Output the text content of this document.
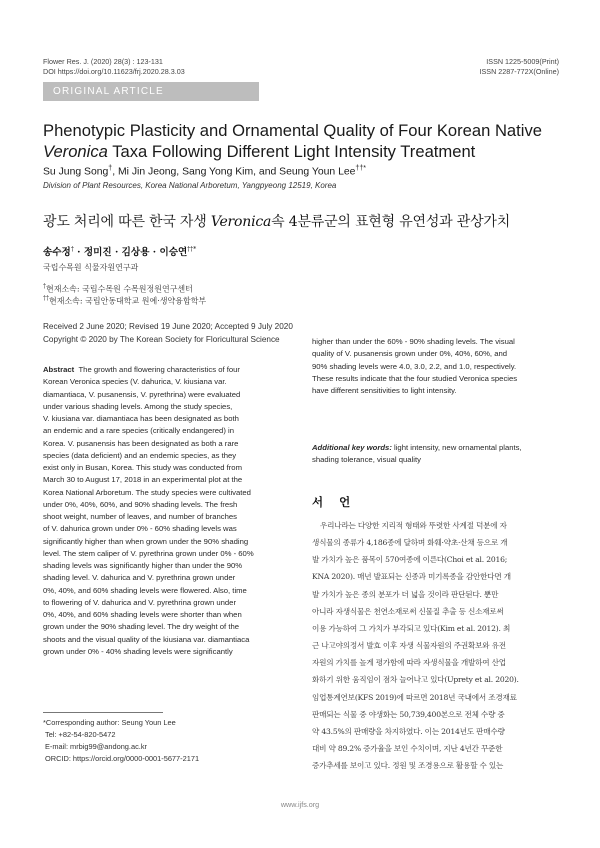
Flower Res. J. (2020) 28(3) : 123-131
DOI https://doi.org/10.11623/frj.2020.28.3.03
ISSN 1225-5009(Print)
ISSN 2287-772X(Online)
ORIGINAL ARTICLE
Phenotypic Plasticity and Ornamental Quality of Four Korean Native
Veronica Taxa Following Different Light Intensity Treatment
Su Jung Song†, Mi Jin Jeong, Sang Yong Kim, and Seung Youn Lee††*
Division of Plant Resources, Korea National Arboretum, Yangpyeong 12519, Korea
광도 처리에 따른 한국 자생 Veronica속 4분류군의 표현형 유연성과 관상가치
송수정† · 정미진 · 김상용 · 이승연††*
국립수목원 식물자원연구과
†현재소속: 국립수목원 수목원정원연구센터
††현재소속: 국립안동대학교 원예·생약융합학부
Received 2 June 2020; Revised 19 June 2020; Accepted 9 July 2020
Copyright © 2020 by The Korean Society for Floricultural Science

Abstract The growth and flowering characteristics of four

Korean Veronica species (V. dahurica, V. kiusiana var.

diamantiaca, V. pusanensis, V. pyrethrina) were evaluated

under various shading levels. Among the study species,

V. kiusiana var. diamantiaca has been designated as both

an endemic and a rare species (critically endangered) in

Korea. V. pusanensis has been designated as both a rare

species (data deficient) and an endemic species, as they

exist only in Busan, Korea. This study was conducted from

March 30 to August 17, 2018 in an experimental plot at the

Korea National Arboretum. The study species were cultivated

under 0%, 40%, 60%, and 90% shading levels. The fresh

shoot weight, number of leaves, and number of branches

of V. dahurica grown under 0% - 60% shading levels was

significantly higher than when grown under the 90% shading

level. The stem caliper of V. pyrethrina grown under 0% - 60%

shading levels was significantly higher than under the 90%

shading level. V. dahurica and V. pyrethrina grown under

0%, 40%, and 60% shading levels were flowered. Also, time

to flowering of V. dahurica and V. pyrethrina grown under

0%, 40%, and 60% shading levels were shorter than when

grown under the 90% shading level. The dry weight of the

shoots and the visual quality of the kiusiana var. diamantiaca

grown under 0% - 40% shading levels were significantly

higher than under the 60% - 90% shading levels. The visual

quality of V. pusanensis grown under 0%, 40%, 60%, and

90% shading levels were 4.0, 3.0, 2.2, and 1.0, respectively.

These results indicate that the four studied Veronica species

have different sensitivities to light intensity.

Additional key words: light intensity, new ornamental plants,

shading tolerance, visual quality

서 언
우리나라는 다양한 지리적 형태와 뚜렷한 사계절 덕분에 자
생식물의 종류가 4,186종에 달하며 화훼·약초·산채 등으로 개
발 가치가 높은 품목이 570여종에 이른다(Choi et al. 2016;
KNA 2020). 매년 발표되는 신종과 미기록종을 감안한다면 개
발 가치가 높은 종의 분포가 더 넓을 것이라 판단된다. 뿐만
아니라 자생식물은 천연소재로써 신물질 추출 등 신소재로써
이용 가능하여 그 가치가 부각되고 있다(Kim et al. 2012). 최
근 나고야의정서 발효 이후 자생 식물자원의 주권확보와 유전
자원의 가치를 높게 평가함에 따라 자생식물을 개발하여 산업
화하기 위한 움직임이 점차 늘어나고 있다(Uprety et al. 2020).
임업통계연보(KFS 2019)에 따르면 2018년 국내에서 조경재료
판매되는 식물 중 야생화는 50,739,400본으로 전체 수량 중
약 43.5%의 판매량을 차지하였다. 이는 2014년도 판매수량
대비 약 89.2% 증가율을 보인 수치이며, 지난 4년간 꾸준한
증가추세를 보이고 있다. 정원 및 조경용으로 활용할 수 있는
*Corresponding author: Seung Youn Lee
Tel: +82-54-820-5472
E-mail: mrbig99@andong.ac.kr
ORCID: https://orcid.org/0000-0001-5677-2171
www.ijfs.org
